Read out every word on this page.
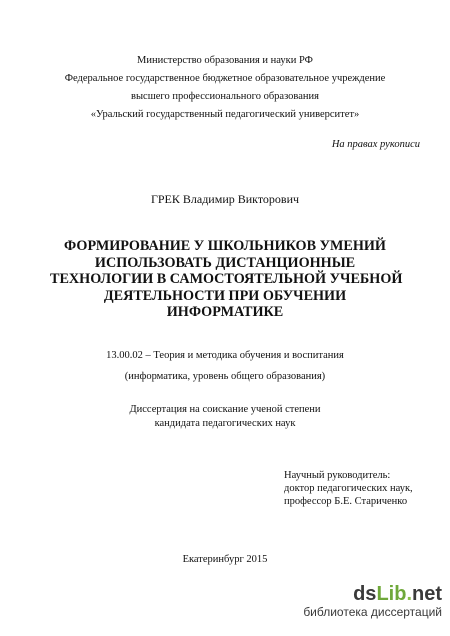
Министерство образования и науки РФ
Федеральное государственное бюджетное образовательное учреждение
высшего профессионального образования
«Уральский государственный педагогический университет»
На правах рукописи
ГРЕК Владимир Викторович
ФОРМИРОВАНИЕ У ШКОЛЬНИКОВ УМЕНИЙ
ИСПОЛЬЗОВАТЬ ДИСТАНЦИОННЫЕ
ТЕХНОЛОГИИ В САМОСТОЯТЕЛЬНОЙ УЧЕБНОЙ
ДЕЯТЕЛЬНОСТИ ПРИ ОБУЧЕНИИ
ИНФОРМАТИКЕ
13.00.02 – Теория и методика обучения и воспитания
(информатика, уровень общего образования)
Диссертация на соискание ученой степени
кандидата педагогических наук
Научный руководитель:
доктор педагогических наук,
профессор Б.Е. Стариченко
Екатеринбург 2015
dsLib.net
библиотека диссертаций
